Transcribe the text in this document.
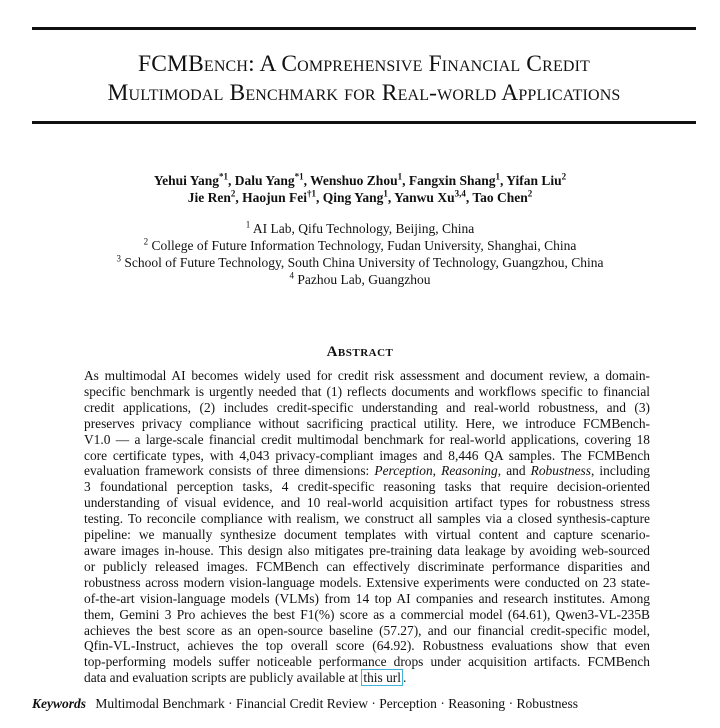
FCMBench: A Comprehensive Financial Credit
Multimodal Benchmark for Real-world Applications
Yehui Yang$^{*1}$, Dalu Yang$^{*1}$, Wenshuo Zhou$^1$, Fangxin Shang$^1$, Yifan Liu$^2$
Jie Ren$^2$, Haojun Fei$^{\dagger 1}$, Qing Yang$^1$, Yanwu Xu$^{3,4}$, Tao Chen$^2$
$^1$ AI Lab, Qifu Technology, Beijing, China
$^2$ College of Future Information Technology, Fudan University, Shanghai, China
$^3$ School of Future Technology, South China University of Technology, Guangzhou, China
$^4$ Pazhou Lab, Guangzhou
Abstract
As multimodal AI becomes widely used for credit risk assessment and document review, a domain-
specific benchmark is urgently needed that (1) reflects documents and workflows specific to financial
credit applications, (2) includes credit-specific understanding and real-world robustness, and (3)
preserves privacy compliance without sacrificing practical utility. Here, we introduce FCMBench-
V1.0 — a large-scale financial credit multimodal benchmark for real-world applications, covering 18
core certificate types, with 4,043 privacy-compliant images and 8,446 QA samples. The FCMBench
evaluation framework consists of three dimensions: Perception, Reasoning, and Robustness, including
3 foundational perception tasks, 4 credit-specific reasoning tasks that require decision-oriented
understanding of visual evidence, and 10 real-world acquisition artifact types for robustness stress
testing. To reconcile compliance with realism, we construct all samples via a closed synthesis-capture
pipeline: we manually synthesize document templates with virtual content and capture scenario-
aware images in-house. This design also mitigates pre-training data leakage by avoiding web-sourced
or publicly released images. FCMBench can effectively discriminate performance disparities and
robustness across modern vision-language models. Extensive experiments were conducted on 23 state-
of-the-art vision-language models (VLMs) from 14 top AI companies and research institutes. Among
them, Gemini 3 Pro achieves the best F1(%) score as a commercial model (64.61), Qwen3-VL-235B
achieves the best score as an open-source baseline (57.27), and our financial credit-specific model,
Qfin-VL-Instruct, achieves the top overall score (64.92). Robustness evaluations show that even
top-performing models suffer noticeable performance drops under acquisition artifacts. FCMBench
data and evaluation scripts are publicly available at this url .
Keywords Multimodal Benchmark · Financial Credit Review · Perception · Reasoning · Robustness
